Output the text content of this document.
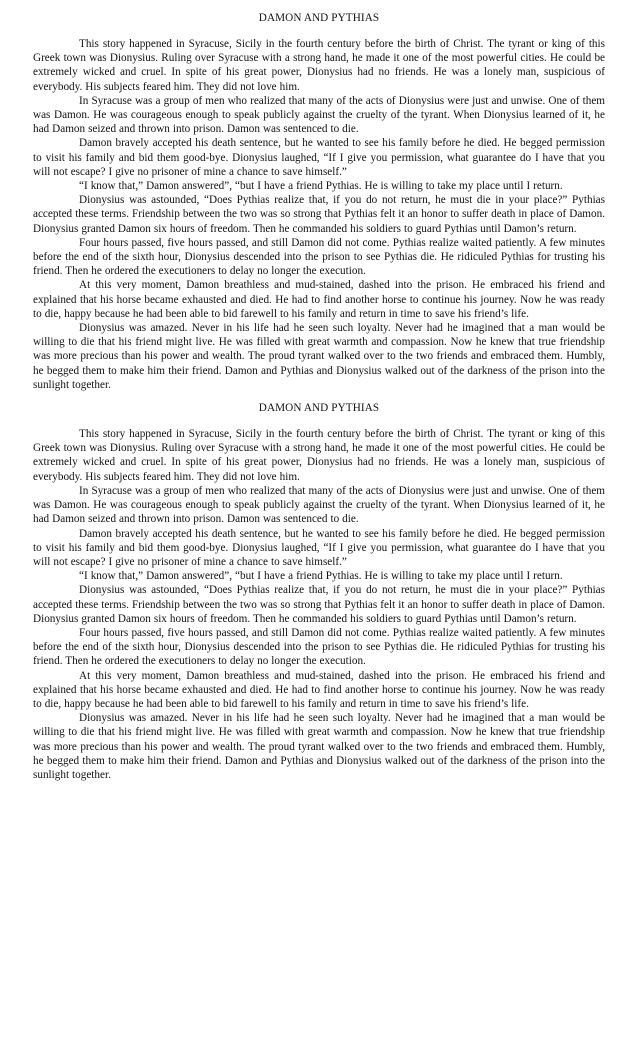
DAMON AND PYTHIAS

This story happened in Syracuse, Sicily in the fourth century before the birth of Christ. The tyrant or king of this Greek town was Dionysius. Ruling over Syracuse with a strong hand, he made it one of the most powerful cities. He could be extremely wicked and cruel. In spite of his great power, Dionysius had no friends. He was a lonely man, suspicious of everybody. His subjects feared him. They did not love him.

In Syracuse was a group of men who realized that many of the acts of Dionysius were just and unwise. One of them was Damon. He was courageous enough to speak publicly against the cruelty of the tyrant. When Dionysius learned of it, he had Damon seized and thrown into prison. Damon was sentenced to die.

Damon bravely accepted his death sentence, but he wanted to see his family before he died. He begged permission to visit his family and bid them good-bye. Dionysius laughed, “If I give you permission, what guarantee do I have that you will not escape? I give no prisoner of mine a chance to save himself.”

“I know that,” Damon answered”, “but I have a friend Pythias. He is willing to take my place until I return.

Dionysius was astounded, “Does Pythias realize that, if you do not return, he must die in your place?” Pythias accepted these terms. Friendship between the two was so strong that Pythias felt it an honor to suffer death in place of Damon. Dionysius granted Damon six hours of freedom. Then he commanded his soldiers to guard Pythias until Damon’s return.

Four hours passed, five hours passed, and still Damon did not come. Pythias realize waited patiently. A few minutes before the end of the sixth hour, Dionysius descended into the prison to see Pythias die. He ridiculed Pythias for trusting his friend. Then he ordered the executioners to delay no longer the execution.

At this very moment, Damon breathless and mud-stained, dashed into the prison. He embraced his friend and explained that his horse became exhausted and died. He had to find another horse to continue his journey. Now he was ready to die, happy because he had been able to bid farewell to his family and return in time to save his friend’s life.

Dionysius was amazed. Never in his life had he seen such loyalty. Never had he imagined that a man would be willing to die that his friend might live. He was filled with great warmth and compassion. Now he knew that true friendship was more precious than his power and wealth. The proud tyrant walked over to the two friends and embraced them. Humbly, he begged them to make him their friend. Damon and Pythias and Dionysius walked out of the darkness of the prison into the sunlight together.

DAMON AND PYTHIAS

This story happened in Syracuse, Sicily in the fourth century before the birth of Christ. The tyrant or king of this Greek town was Dionysius. Ruling over Syracuse with a strong hand, he made it one of the most powerful cities. He could be extremely wicked and cruel. In spite of his great power, Dionysius had no friends. He was a lonely man, suspicious of everybody. His subjects feared him. They did not love him.

In Syracuse was a group of men who realized that many of the acts of Dionysius were just and unwise. One of them was Damon. He was courageous enough to speak publicly against the cruelty of the tyrant. When Dionysius learned of it, he had Damon seized and thrown into prison. Damon was sentenced to die.

Damon bravely accepted his death sentence, but he wanted to see his family before he died. He begged permission to visit his family and bid them good-bye. Dionysius laughed, “If I give you permission, what guarantee do I have that you will not escape? I give no prisoner of mine a chance to save himself.”

“I know that,” Damon answered”, “but I have a friend Pythias. He is willing to take my place until I return.

Dionysius was astounded, “Does Pythias realize that, if you do not return, he must die in your place?” Pythias accepted these terms. Friendship between the two was so strong that Pythias felt it an honor to suffer death in place of Damon. Dionysius granted Damon six hours of freedom. Then he commanded his soldiers to guard Pythias until Damon’s return.

Four hours passed, five hours passed, and still Damon did not come. Pythias realize waited patiently. A few minutes before the end of the sixth hour, Dionysius descended into the prison to see Pythias die. He ridiculed Pythias for trusting his friend. Then he ordered the executioners to delay no longer the execution.

At this very moment, Damon breathless and mud-stained, dashed into the prison. He embraced his friend and explained that his horse became exhausted and died. He had to find another horse to continue his journey. Now he was ready to die, happy because he had been able to bid farewell to his family and return in time to save his friend’s life.

Dionysius was amazed. Never in his life had he seen such loyalty. Never had he imagined that a man would be willing to die that his friend might live. He was filled with great warmth and compassion. Now he knew that true friendship was more precious than his power and wealth. The proud tyrant walked over to the two friends and embraced them. Humbly, he begged them to make him their friend. Damon and Pythias and Dionysius walked out of the darkness of the prison into the sunlight together.
